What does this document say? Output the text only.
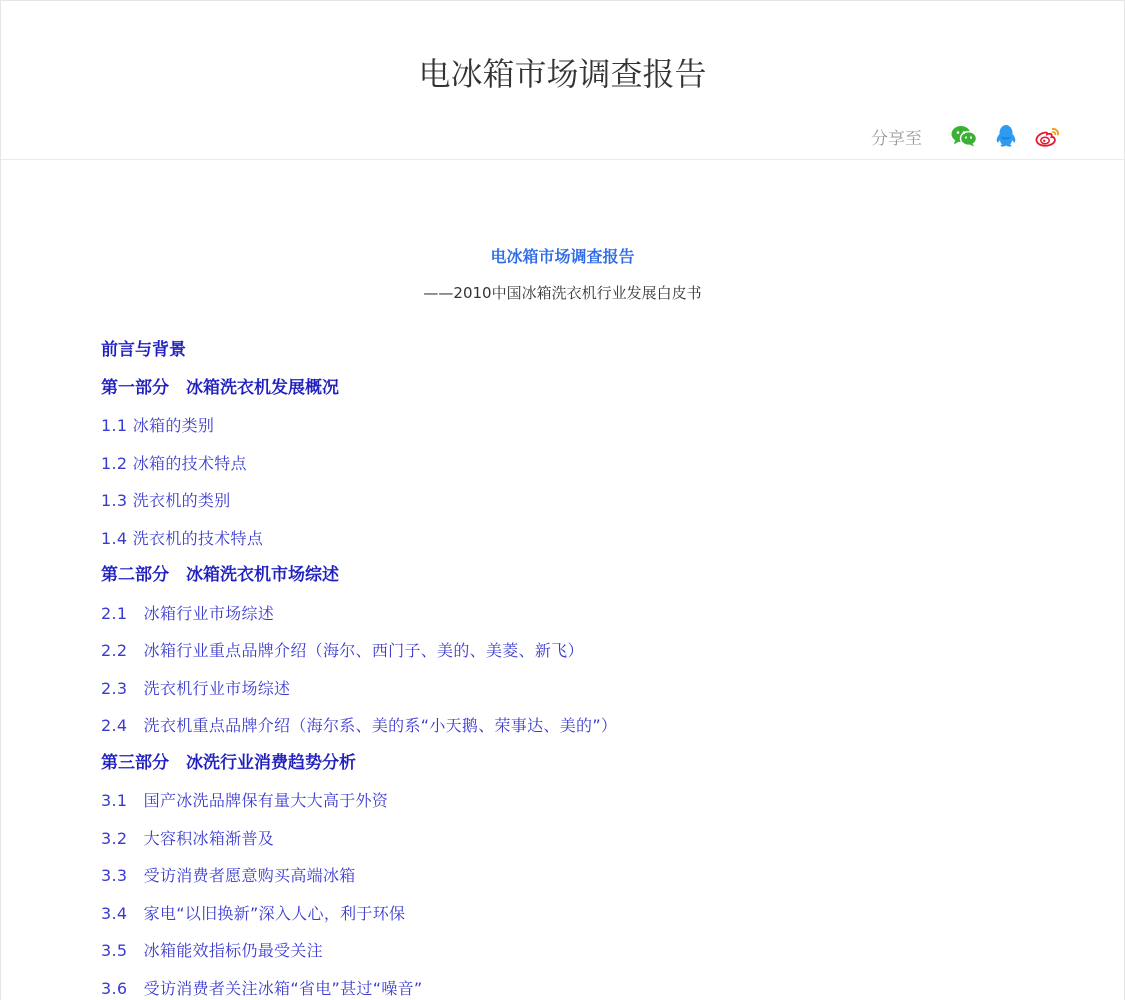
电冰箱市场调查报告
分享至

电冰箱市场调查报告

——2010中国冰箱洗衣机行业发展白皮书

前言与背景
第一部分　冰箱洗衣机发展概况
1.1 冰箱的类别
1.2 冰箱的技术特点
1.3 洗衣机的类别
1.4 洗衣机的技术特点
第二部分　冰箱洗衣机市场综述
2.1　冰箱行业市场综述
2.2　冰箱行业重点品牌介绍（海尔、西门子、美的、美菱、新飞）
2.3　洗衣机行业市场综述
2.4　洗衣机重点品牌介绍（海尔系、美的系“小天鹅、荣事达、美的”）
第三部分　冰洗行业消费趋势分析
3.1　国产冰洗品牌保有量大大高于外资
3.2　大容积冰箱渐普及
3.3　受访消费者愿意购买高端冰箱
3.4　家电“以旧换新”深入人心，利于环保
3.5　冰箱能效指标仍最受关注
3.6　受访消费者关注冰箱“省电”甚过“噪音”
